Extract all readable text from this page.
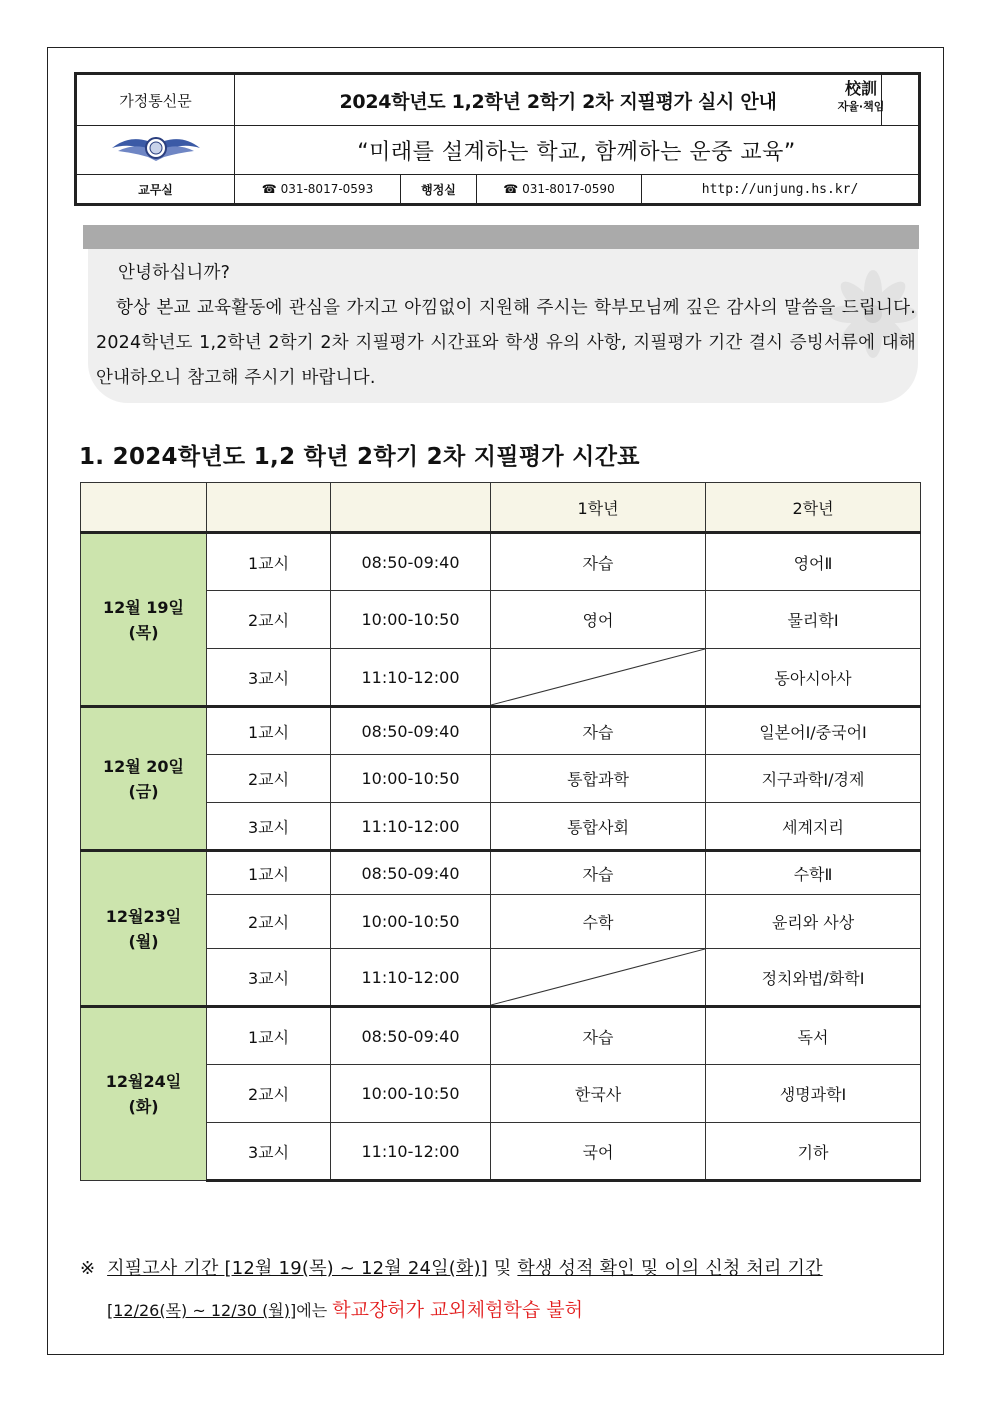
가정통신문	2024학년도 1,2학년 2학기 2차 지필평가 실시 안내				
	“미래를 설계하는 학교, 함께하는 운중 교육”				
교무실	☎ 031-8017-0593	행정실	☎ 031-8017-0590	http://unjung.hs.kr/	
校訓
자율·책임

안녕하십니까?

항상 본교 교육활동에 관심을 가지고 아낌없이 지원해 주시는 학부모님께 깊은 감사의 말씀을 드립니다. 2024학년도 1,2학년 2학기 2차 지필평가 시간표와 학생 유의 사항, 지필평가 기간 결시 증빙서류에 대해 안내하오니 참고해 주시기 바랍니다.

1. 2024학년도 1,2 학년 2학기 2차 지필평가 시간표
			1학년	2학년

12월 19일
(목)	1교시	08:50-09:40	자습	영어Ⅱ
	2교시	10:00-10:50	영어	물리학Ⅰ
	3교시	11:10-12:00		동아시아사

12월 20일
(금)	1교시	08:50-09:40	자습	일본어Ⅰ/중국어Ⅰ
	2교시	10:00-10:50	통합과학	지구과학Ⅰ/경제
	3교시	11:10-12:00	통합사회	세계지리

12월23일
(월)	1교시	08:50-09:40	자습	수학Ⅱ
	2교시	10:00-10:50	수학	윤리와 사상
	3교시	11:10-12:00		정치와법/화학Ⅰ

12월24일
(화)	1교시	08:50-09:40	자습	독서
	2교시	10:00-10:50	한국사	생명과학Ⅰ
	3교시	11:10-12:00	국어	기하
※ 지필고사 기간 [12월 19(목) ~ 12월 24일(화)] 및 학생 성적 확인 및 이의 신청 처리 기간
[12/26(목) ~ 12/30 (월)]에는 학교장허가 교외체험학습 불허
